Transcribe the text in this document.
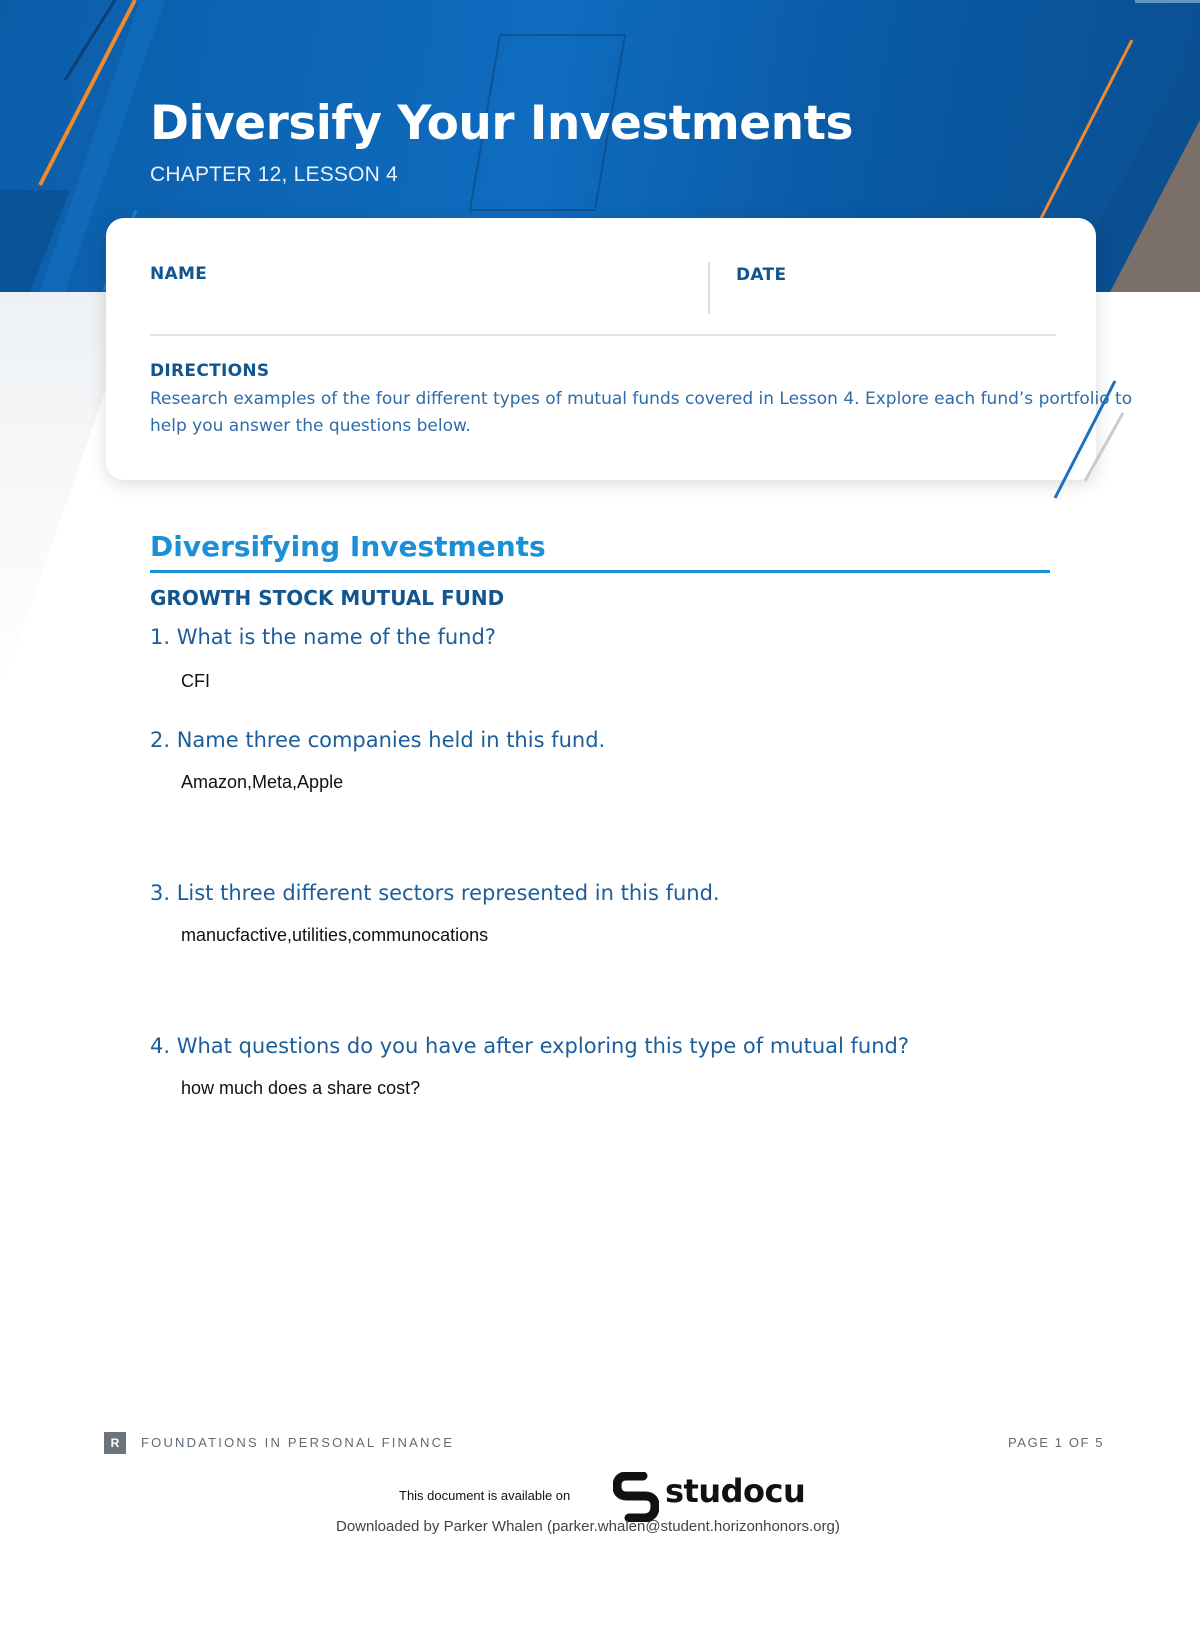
Diversify Your Investments
CHAPTER 12, LESSON 4
NAME	DATE
DIRECTIONS
Research examples of the four different types of mutual funds covered in Lesson 4. Explore each fund’s portfolio to help you answer the questions below.
Diversifying Investments
GROWTH STOCK MUTUAL FUND
1. What is the name of the fund?
CFI
2. Name three companies held in this fund.
Amazon,Meta,Apple
3. List three different sectors represented in this fund.
manucfactive,utilities,communocations
4. What questions do you have after exploring this type of mutual fund?
how much does a share cost?
R	FOUNDATIONS IN PERSONAL FINANCE	PAGE 1 OF 5
This document is available on	studocu
Downloaded by Parker Whalen (parker.whalen@student.horizonhonors.org)
